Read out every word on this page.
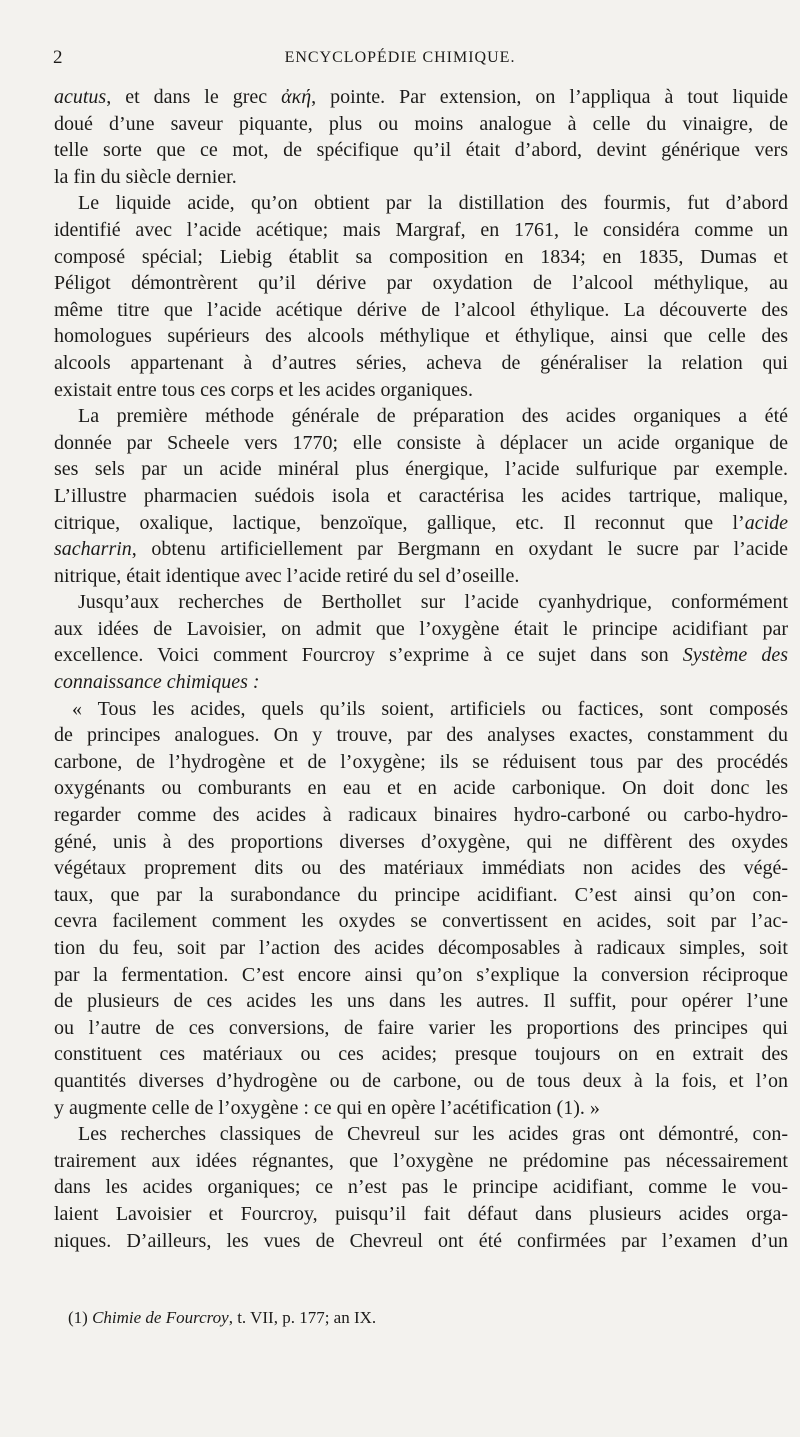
2	ENCYCLOPÉDIE CHIMIQUE.
acutus, et dans le grec ἀκή, pointe. Par extension, on l’appliqua à tout liquide
doué d’une saveur piquante, plus ou moins analogue à celle du vinaigre, de
telle sorte que ce mot, de spécifique qu’il était d’abord, devint générique vers
la fin du siècle dernier.
Le liquide acide, qu’on obtient par la distillation des fourmis, fut d’abord
identifié avec l’acide acétique; mais Margraf, en 1761, le considéra comme un
composé spécial; Liebig établit sa composition en 1834; en 1835, Dumas et
Péligot démontrèrent qu’il dérive par oxydation de l’alcool méthylique, au
même titre que l’acide acétique dérive de l’alcool éthylique. La découverte des
homologues supérieurs des alcools méthylique et éthylique, ainsi que celle des
alcools appartenant à d’autres séries, acheva de généraliser la relation qui
existait entre tous ces corps et les acides organiques.
La première méthode générale de préparation des acides organiques a été
donnée par Scheele vers 1770; elle consiste à déplacer un acide organique de
ses sels par un acide minéral plus énergique, l’acide sulfurique par exemple.
L’illustre pharmacien suédois isola et caractérisa les acides tartrique, malique,
citrique, oxalique, lactique, benzoïque, gallique, etc. Il reconnut que l’acide
sacharrin, obtenu artificiellement par Bergmann en oxydant le sucre par l’acide
nitrique, était identique avec l’acide retiré du sel d’oseille.
Jusqu’aux recherches de Berthollet sur l’acide cyanhydrique, conformément
aux idées de Lavoisier, on admit que l’oxygène était le principe acidifiant par
excellence. Voici comment Fourcroy s’exprime à ce sujet dans son Système des
connaissance chimiques :
« Tous les acides, quels qu’ils soient, artificiels ou factices, sont composés
de principes analogues. On y trouve, par des analyses exactes, constamment du
carbone, de l’hydrogène et de l’oxygène; ils se réduisent tous par des procédés
oxygénants ou comburants en eau et en acide carbonique. On doit donc les
regarder comme des acides à radicaux binaires hydro-carboné ou carbo-hydro-
géné, unis à des proportions diverses d’oxygène, qui ne diffèrent des oxydes
végétaux proprement dits ou des matériaux immédiats non acides des végé-
taux, que par la surabondance du principe acidifiant. C’est ainsi qu’on con-
cevra facilement comment les oxydes se convertissent en acides, soit par l’ac-
tion du feu, soit par l’action des acides décomposables à radicaux simples, soit
par la fermentation. C’est encore ainsi qu’on s’explique la conversion réciproque
de plusieurs de ces acides les uns dans les autres. Il suffit, pour opérer l’une
ou l’autre de ces conversions, de faire varier les proportions des principes qui
constituent ces matériaux ou ces acides; presque toujours on en extrait des
quantités diverses d’hydrogène ou de carbone, ou de tous deux à la fois, et l’on
y augmente celle de l’oxygène : ce qui en opère l’acétification (1). »
Les recherches classiques de Chevreul sur les acides gras ont démontré, con-
trairement aux idées régnantes, que l’oxygène ne prédomine pas nécessairement
dans les acides organiques; ce n’est pas le principe acidifiant, comme le vou-
laient Lavoisier et Fourcroy, puisqu’il fait défaut dans plusieurs acides orga-
niques. D’ailleurs, les vues de Chevreul ont été confirmées par l’examen d’un
(1) Chimie de Fourcroy, t. VII, p. 177; an IX.
